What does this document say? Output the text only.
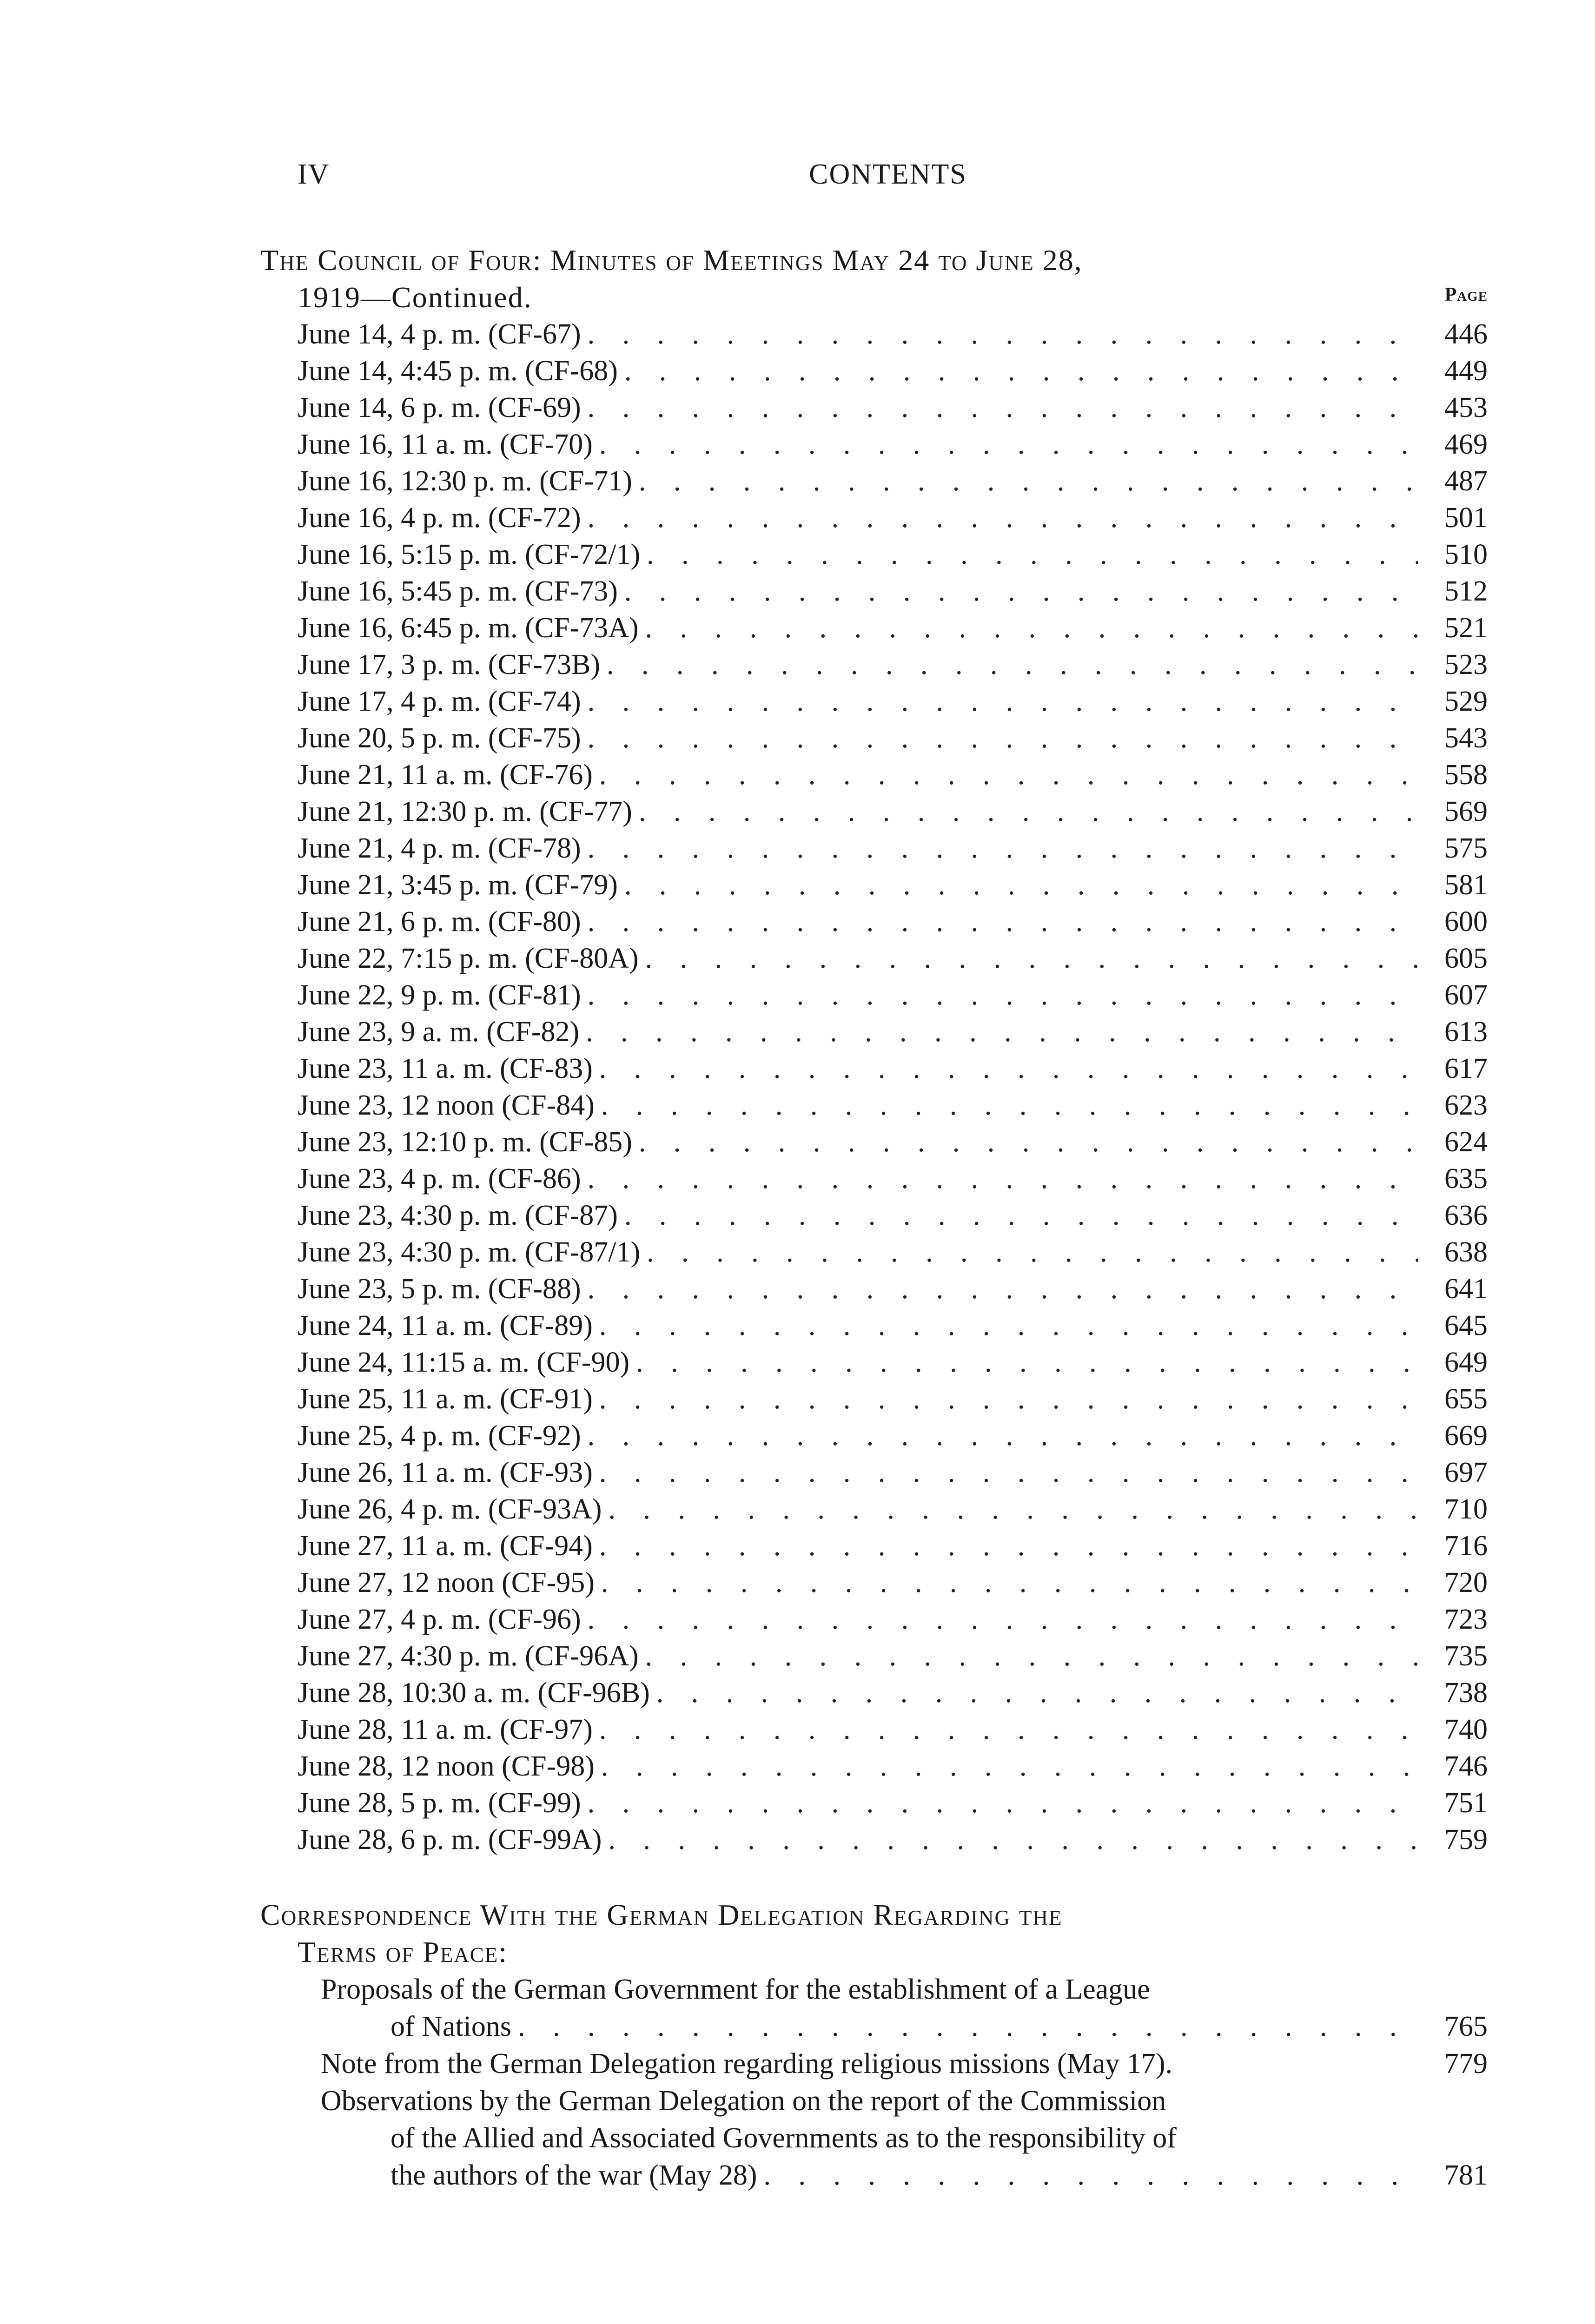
IV	CONTENTS
The Council of Four: Minutes of Meetings May 24 to June 28,
1919—Continued.	Page
June 14, 4 p. m. (CF-67) . . .	446
June 14, 4:45 p. m. (CF-68) . . .	449
June 14, 6 p. m. (CF-69) . . .	453
June 16, 11 a. m. (CF-70) . . .	469
June 16, 12:30 p. m. (CF-71) . . .	487
June 16, 4 p. m. (CF-72) . . .	501
June 16, 5:15 p. m. (CF-72/1) . . .	510
June 16, 5:45 p. m. (CF-73) . . .	512
June 16, 6:45 p. m. (CF-73A) . . .	521
June 17, 3 p. m. (CF-73B) . . .	523
June 17, 4 p. m. (CF-74) . . .	529
June 20, 5 p. m. (CF-75) . . .	543
June 21, 11 a. m. (CF-76) . . .	558
June 21, 12:30 p. m. (CF-77) . . .	569
June 21, 4 p. m. (CF-78) . . .	575
June 21, 3:45 p. m. (CF-79) . . .	581
June 21, 6 p. m. (CF-80) . . .	600
June 22, 7:15 p. m. (CF-80A) . . .	605
June 22, 9 p. m. (CF-81) . . .	607
June 23, 9 a. m. (CF-82) . . .	613
June 23, 11 a. m. (CF-83) . . .	617
June 23, 12 noon (CF-84) . . .	623
June 23, 12:10 p. m. (CF-85) . . .	624
June 23, 4 p. m. (CF-86) . . .	635
June 23, 4:30 p. m. (CF-87) . . .	636
June 23, 4:30 p. m. (CF-87/1) . . .	638
June 23, 5 p. m. (CF-88) . . .	641
June 24, 11 a. m. (CF-89) . . .	645
June 24, 11:15 a. m. (CF-90) . . .	649
June 25, 11 a. m. (CF-91) . . .	655
June 25, 4 p. m. (CF-92) . . .	669
June 26, 11 a. m. (CF-93) . . .	697
June 26, 4 p. m. (CF-93A) . . .	710
June 27, 11 a. m. (CF-94) . . .	716
June 27, 12 noon (CF-95) . . .	720
June 27, 4 p. m. (CF-96) . . .	723
June 27, 4:30 p. m. (CF-96A) . . .	735
June 28, 10:30 a. m. (CF-96B) . . .	738
June 28, 11 a. m. (CF-97) . . .	740
June 28, 12 noon (CF-98) . . .	746
June 28, 5 p. m. (CF-99) . . .	751
June 28, 6 p. m. (CF-99A) . . .	759
Correspondence With the German Delegation Regarding the
Terms of Peace:
Proposals of the German Government for the establishment of a League
of Nations . . .	765
Note from the German Delegation regarding religious missions (May 17).	779
Observations by the German Delegation on the report of the Commission
of the Allied and Associated Governments as to the responsibility of
the authors of the war (May 28) . . .	781
